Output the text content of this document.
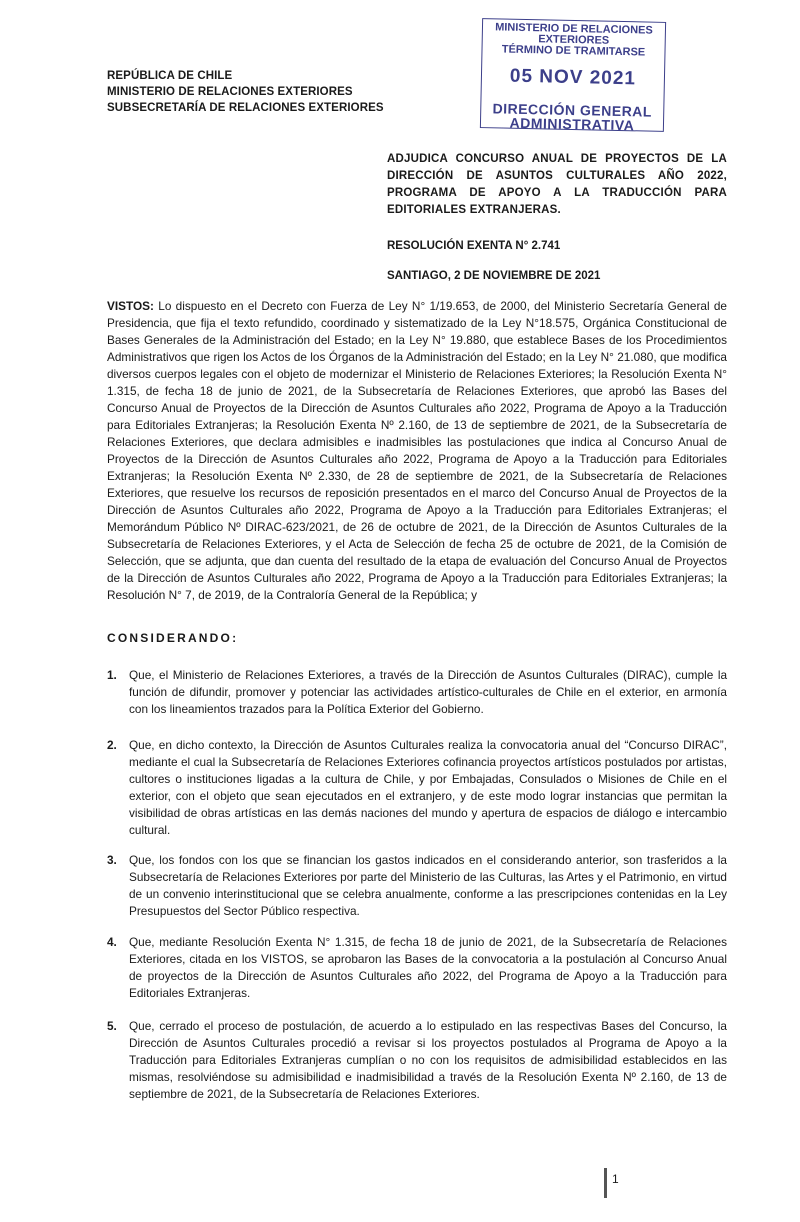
REPÚBLICA DE CHILE
MINISTERIO DE RELACIONES EXTERIORES
SUBSECRETARÍA DE RELACIONES EXTERIORES
MINISTERIO DE RELACIONES
EXTERIORES
TÉRMINO DE TRAMITARSE
05 NOV 2021
DIRECCIÓN GENERAL
ADMINISTRATIVA
ADJUDICA CONCURSO ANUAL DE PROYECTOS DE LA DIRECCIÓN DE ASUNTOS CULTURALES AÑO 2022, PROGRAMA DE APOYO A LA TRADUCCIÓN PARA EDITORIALES EXTRANJERAS.
RESOLUCIÓN EXENTA N° 2.741
SANTIAGO, 2 DE NOVIEMBRE DE 2021
VISTOS: Lo dispuesto en el Decreto con Fuerza de Ley N° 1/19.653, de 2000, del Ministerio Secretaría General de Presidencia, que fija el texto refundido, coordinado y sistematizado de la Ley N°18.575, Orgánica Constitucional de Bases Generales de la Administración del Estado; en la Ley N° 19.880, que establece Bases de los Procedimientos Administrativos que rigen los Actos de los Órganos de la Administración del Estado; en la Ley N° 21.080, que modifica diversos cuerpos legales con el objeto de modernizar el Ministerio de Relaciones Exteriores; la Resolución Exenta N° 1.315, de fecha 18 de junio de 2021, de la Subsecretaría de Relaciones Exteriores, que aprobó las Bases del Concurso Anual de Proyectos de la Dirección de Asuntos Culturales año 2022, Programa de Apoyo a la Traducción para Editoriales Extranjeras; la Resolución Exenta Nº 2.160, de 13 de septiembre de 2021, de la Subsecretaría de Relaciones Exteriores, que declara admisibles e inadmisibles las postulaciones que indica al Concurso Anual de Proyectos de la Dirección de Asuntos Culturales año 2022, Programa de Apoyo a la Traducción para Editoriales Extranjeras; la Resolución Exenta Nº 2.330, de 28 de septiembre de 2021, de la Subsecretaría de Relaciones Exteriores, que resuelve los recursos de reposición presentados en el marco del Concurso Anual de Proyectos de la Dirección de Asuntos Culturales año 2022, Programa de Apoyo a la Traducción para Editoriales Extranjeras; el Memorándum Público Nº DIRAC-623/2021, de 26 de octubre de 2021, de la Dirección de Asuntos Culturales de la Subsecretaría de Relaciones Exteriores, y el Acta de Selección de fecha 25 de octubre de 2021, de la Comisión de Selección, que se adjunta, que dan cuenta del resultado de la etapa de evaluación del Concurso Anual de Proyectos de la Dirección de Asuntos Culturales año 2022, Programa de Apoyo a la Traducción para Editoriales Extranjeras; la Resolución N° 7, de 2019, de la Contraloría General de la República; y
CONSIDERANDO:
1.	Que, el Ministerio de Relaciones Exteriores, a través de la Dirección de Asuntos Culturales (DIRAC), cumple la función de difundir, promover y potenciar las actividades artístico-culturales de Chile en el exterior, en armonía con los lineamientos trazados para la Política Exterior del Gobierno.
2.	Que, en dicho contexto, la Dirección de Asuntos Culturales realiza la convocatoria anual del “Concurso DIRAC”, mediante el cual la Subsecretaría de Relaciones Exteriores cofinancia proyectos artísticos postulados por artistas, cultores o instituciones ligadas a la cultura de Chile, y por Embajadas, Consulados o Misiones de Chile en el exterior, con el objeto que sean ejecutados en el extranjero, y de este modo lograr instancias que permitan la visibilidad de obras artísticas en las demás naciones del mundo y apertura de espacios de diálogo e intercambio cultural.
3.	Que, los fondos con los que se financian los gastos indicados en el considerando anterior, son trasferidos a la Subsecretaría de Relaciones Exteriores por parte del Ministerio de las Culturas, las Artes y el Patrimonio, en virtud de un convenio interinstitucional que se celebra anualmente, conforme a las prescripciones contenidas en la Ley Presupuestos del Sector Público respectiva.
4.	Que, mediante Resolución Exenta N° 1.315, de fecha 18 de junio de 2021, de la Subsecretaría de Relaciones Exteriores, citada en los VISTOS, se aprobaron las Bases de la convocatoria a la postulación al Concurso Anual de proyectos de la Dirección de Asuntos Culturales año 2022, del Programa de Apoyo a la Traducción para Editoriales Extranjeras.
5.	Que, cerrado el proceso de postulación, de acuerdo a lo estipulado en las respectivas Bases del Concurso, la Dirección de Asuntos Culturales procedió a revisar si los proyectos postulados al Programa de Apoyo a la Traducción para Editoriales Extranjeras cumplían o no con los requisitos de admisibilidad establecidos en las mismas, resolviéndose su admisibilidad e inadmisibilidad a través de la Resolución Exenta Nº 2.160, de 13 de septiembre de 2021, de la Subsecretaría de Relaciones Exteriores.
1
